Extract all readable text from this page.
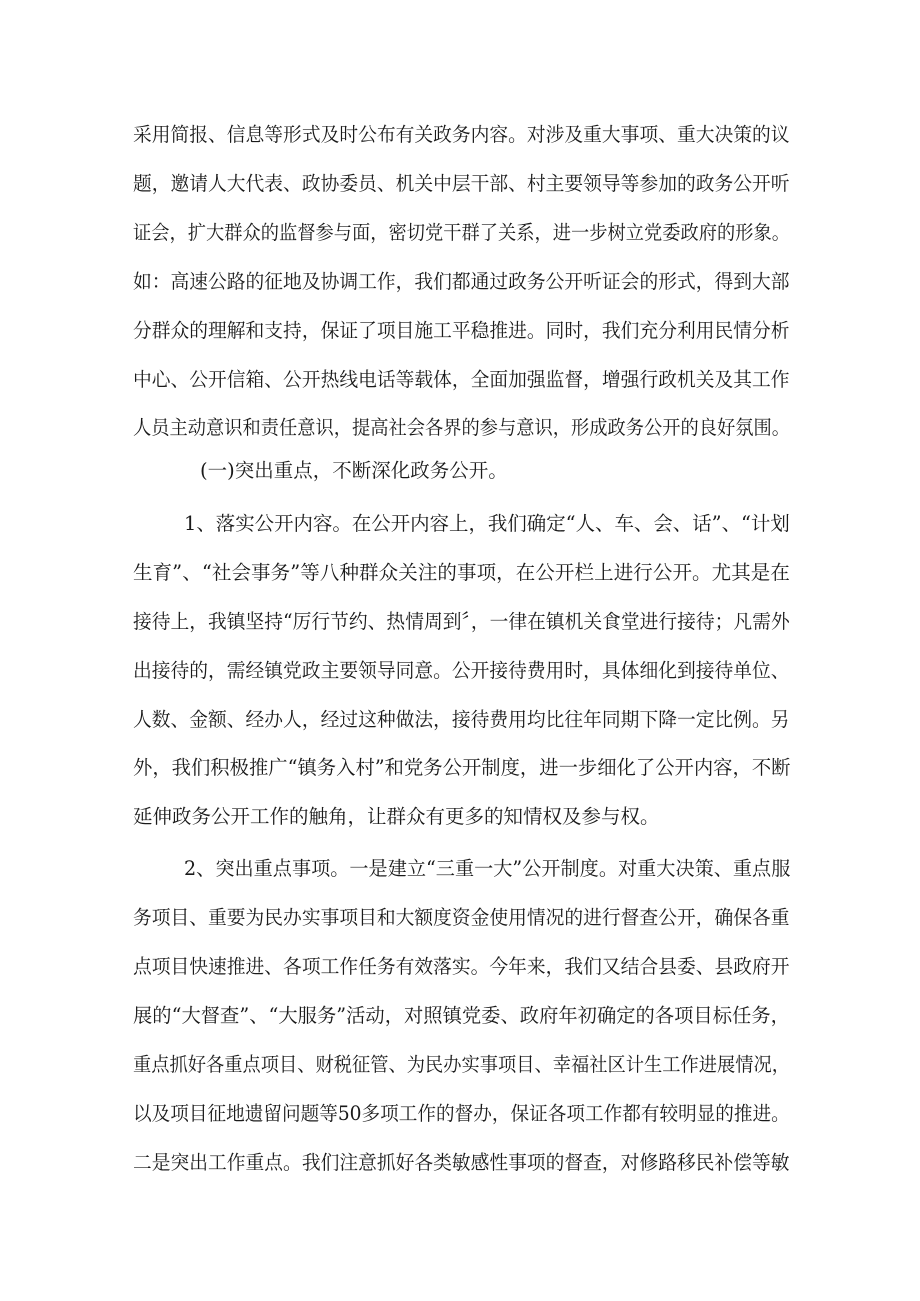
采用简报、信息等形式及时公布有关政务内容。对涉及重大事项、重大决策的议
题，邀请人大代表、政协委员、机关中层干部、村主要领导等参加的政务公开听
证会，扩大群众的监督参与面，密切党干群了关系，进一步树立党委政府的形象。
如：高速公路的征地及协调工作，我们都通过政务公开听证会的形式，得到大部
分群众的理解和支持，保证了项目施工平稳推进。同时，我们充分利用民情分析
中心、公开信箱、公开热线电话等载体，全面加强监督，增强行政机关及其工作
人员主动意识和责任意识，提高社会各界的参与意识，形成政务公开的良好氛围。
(一)突出重点，不断深化政务公开。
1、落实公开内容。在公开内容上，我们确定“人、车、会、话”、“计划
生育”、“社会事务”等八种群众关注的事项，在公开栏上进行公开。尤其是在
接待上，我镇坚持“厉行节约、热情周到〞，一律在镇机关食堂进行接待；凡需外
出接待的，需经镇党政主要领导同意。公开接待费用时，具体细化到接待单位、
人数、金额、经办人，经过这种做法，接待费用均比往年同期下降一定比例。另
外，我们积极推广“镇务入村”和党务公开制度，进一步细化了公开内容，不断
延伸政务公开工作的触角，让群众有更多的知情权及参与权。
2、突出重点事项。一是建立“三重一大”公开制度。对重大决策、重点服
务项目、重要为民办实事项目和大额度资金使用情况的进行督查公开，确保各重
点项目快速推进、各项工作任务有效落实。今年来，我们又结合县委、县政府开
展的“大督查”、“大服务”活动，对照镇党委、政府年初确定的各项目标任务，
重点抓好各重点项目、财税征管、为民办实事项目、幸福社区计生工作进展情况，
以及项目征地遗留问题等50多项工作的督办，保证各项工作都有较明显的推进。
二是突出工作重点。我们注意抓好各类敏感性事项的督查，对修路移民补偿等敏
